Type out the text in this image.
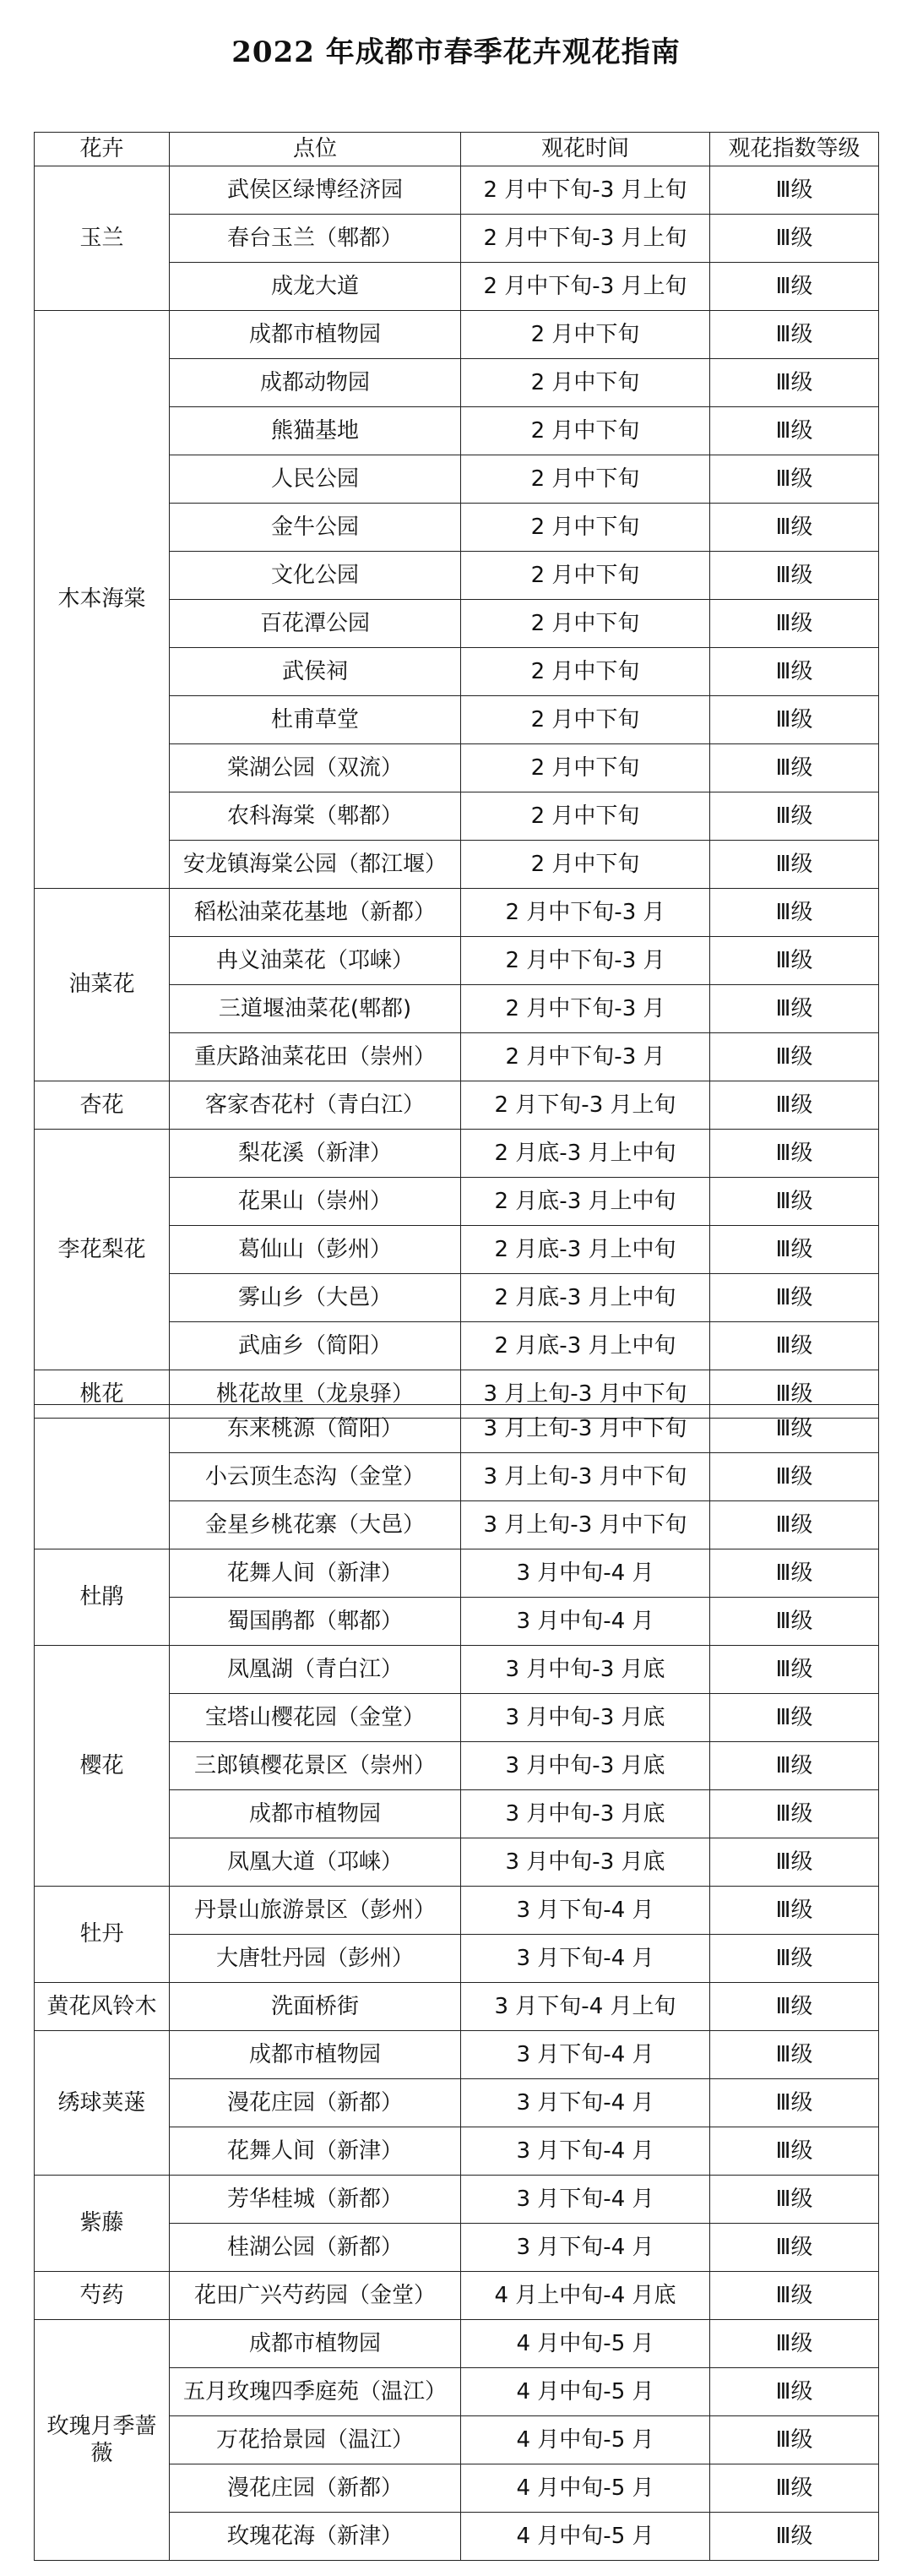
2022 年成都市春季花卉观花指南
花卉	点位	观花时间	观花指数等级
玉兰	武侯区绿博经济园	2 月中下旬-3 月上旬	Ⅲ级
	春台玉兰（郫都）	2 月中下旬-3 月上旬	Ⅲ级
	成龙大道	2 月中下旬-3 月上旬	Ⅲ级
木本海棠	成都市植物园	2 月中下旬	Ⅲ级
	成都动物园	2 月中下旬	Ⅲ级
	熊猫基地	2 月中下旬	Ⅲ级
	人民公园	2 月中下旬	Ⅲ级
	金牛公园	2 月中下旬	Ⅲ级
	文化公园	2 月中下旬	Ⅲ级
	百花潭公园	2 月中下旬	Ⅲ级
	武侯祠	2 月中下旬	Ⅲ级
	杜甫草堂	2 月中下旬	Ⅲ级
	棠湖公园（双流）	2 月中下旬	Ⅲ级
	农科海棠（郫都）	2 月中下旬	Ⅲ级
	安龙镇海棠公园（都江堰）	2 月中下旬	Ⅲ级
油菜花	稻松油菜花基地（新都）	2 月中下旬-3 月	Ⅲ级
	冉义油菜花（邛崃）	2 月中下旬-3 月	Ⅲ级
	三道堰油菜花(郫都)	2 月中下旬-3 月	Ⅲ级
	重庆路油菜花田（崇州）	2 月中下旬-3 月	Ⅲ级
杏花	客家杏花村（青白江）	2 月下旬-3 月上旬	Ⅲ级
李花梨花	梨花溪（新津）	2 月底-3 月上中旬	Ⅲ级
	花果山（崇州）	2 月底-3 月上中旬	Ⅲ级
	葛仙山（彭州）	2 月底-3 月上中旬	Ⅲ级
	雾山乡（大邑）	2 月底-3 月上中旬	Ⅲ级
	武庙乡（简阳）	2 月底-3 月上中旬	Ⅲ级
桃花	桃花故里（龙泉驿）	3 月上旬-3 月中下旬	Ⅲ级
	东来桃源（简阳）	3 月上旬-3 月中下旬	Ⅲ级
	小云顶生态沟（金堂）	3 月上旬-3 月中下旬	Ⅲ级
	金星乡桃花寨（大邑）	3 月上旬-3 月中下旬	Ⅲ级
杜鹃	花舞人间（新津）	3 月中旬-4 月	Ⅲ级
	蜀国鹃都（郫都）	3 月中旬-4 月	Ⅲ级
樱花	凤凰湖（青白江）	3 月中旬-3 月底	Ⅲ级
	宝塔山樱花园（金堂）	3 月中旬-3 月底	Ⅲ级
	三郎镇樱花景区（崇州）	3 月中旬-3 月底	Ⅲ级
	成都市植物园	3 月中旬-3 月底	Ⅲ级
	凤凰大道（邛崃）	3 月中旬-3 月底	Ⅲ级
牡丹	丹景山旅游景区（彭州）	3 月下旬-4 月	Ⅲ级
	大唐牡丹园（彭州）	3 月下旬-4 月	Ⅲ级
黄花风铃木	洗面桥街	3 月下旬-4 月上旬	Ⅲ级
绣球荚蒾	成都市植物园	3 月下旬-4 月	Ⅲ级
	漫花庄园（新都）	3 月下旬-4 月	Ⅲ级
	花舞人间（新津）	3 月下旬-4 月	Ⅲ级
紫藤	芳华桂城（新都）	3 月下旬-4 月	Ⅲ级
	桂湖公园（新都）	3 月下旬-4 月	Ⅲ级
芍药	花田广兴芍药园（金堂）	4 月上中旬-4 月底	Ⅲ级
玫瑰月季蔷薇	成都市植物园	4 月中旬-5 月	Ⅲ级
	五月玫瑰四季庭苑（温江）	4 月中旬-5 月	Ⅲ级
	万花拾景园（温江）	4 月中旬-5 月	Ⅲ级
	漫花庄园（新都）	4 月中旬-5 月	Ⅲ级
	玫瑰花海（新津）	4 月中旬-5 月	Ⅲ级
